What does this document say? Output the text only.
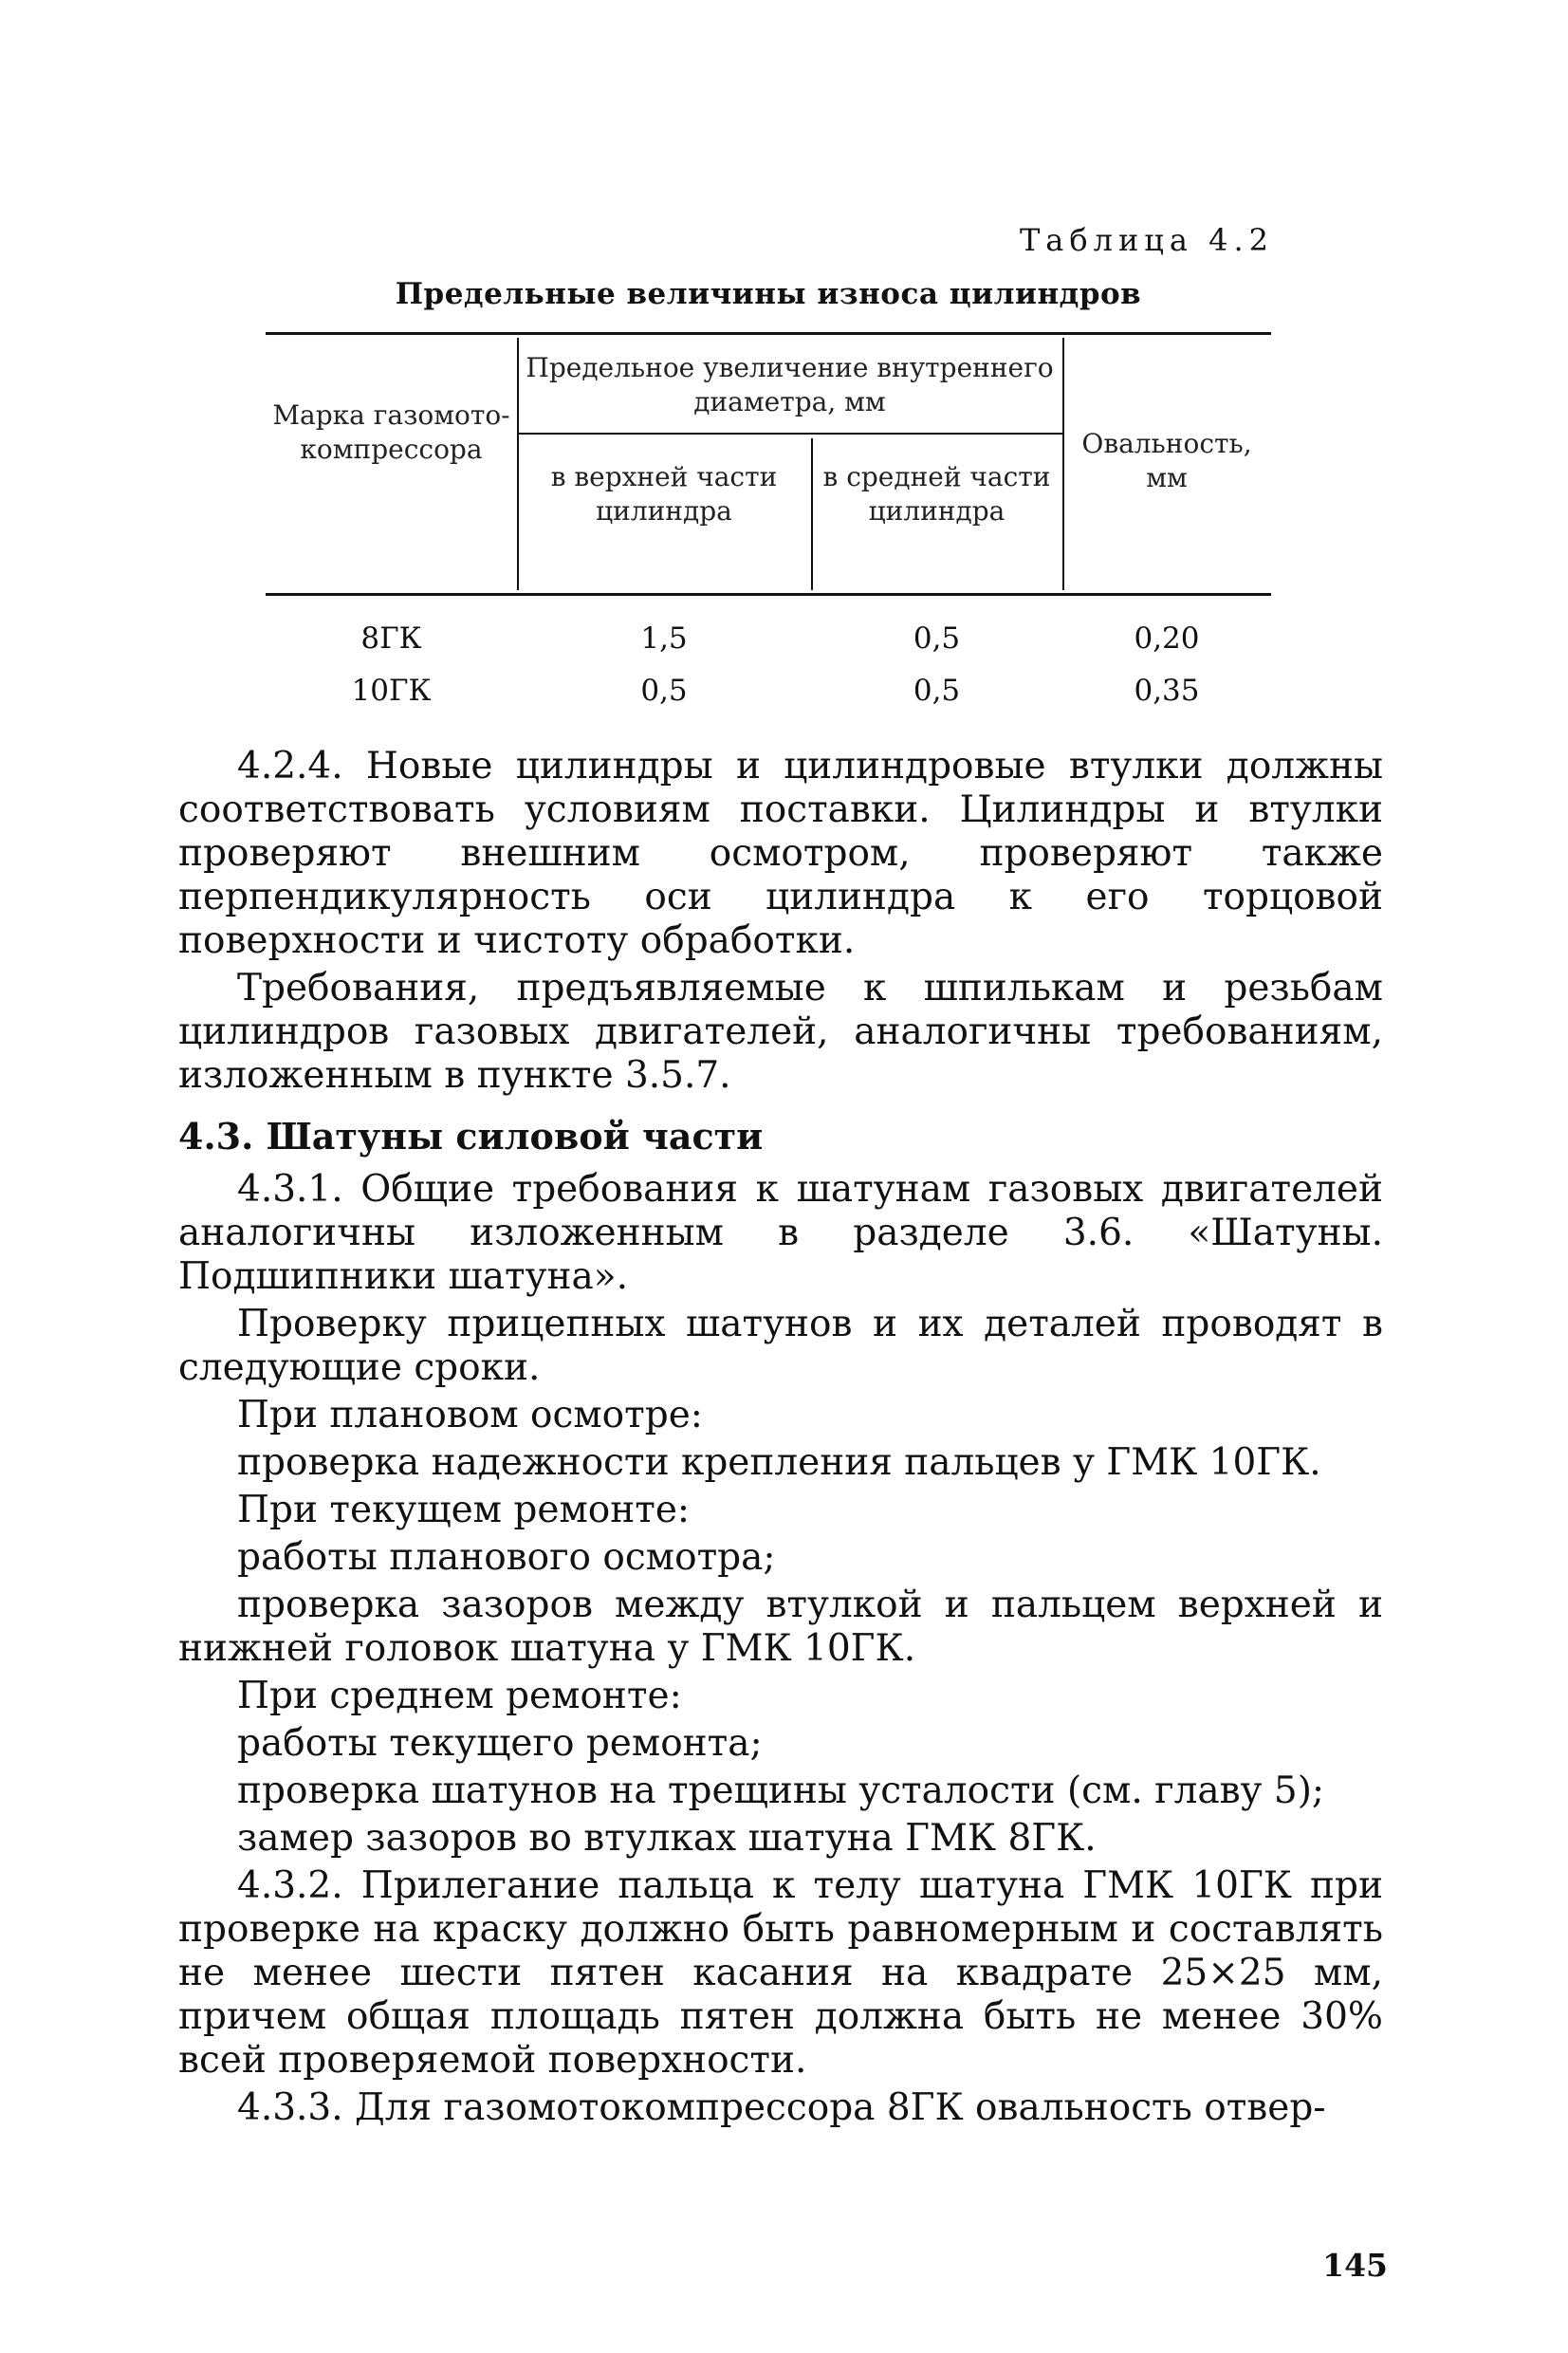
Таблица 4.2
Предельные величины износа цилиндров
Марка газомото-компрессора
Предельное увеличение внутреннего диаметра, мм
в верхней части цилиндра
в средней части цилиндра
Овальность, мм
8ГК	1,5	0,5	0,20
10ГК	0,5	0,5	0,35

4.2.4. Новые цилиндры и цилиндровые втулки должны соответствовать условиям поставки. Цилиндры и втулки проверяют внешним осмотром, проверяют также перпендикулярность оси цилиндра к его торцовой поверхности и чистоту обработки.

Требования, предъявляемые к шпилькам и резьбам цилиндров газовых двигателей, аналогичны требованиям, изложенным в пункте 3.5.7.

4.3. Шатуны силовой части

4.3.1. Общие требования к шатунам газовых двигателей аналогичны изложенным в разделе 3.6. «Шатуны. Подшипники шатуна».

Проверку прицепных шатунов и их деталей проводят в следующие сроки.

При плановом осмотре:

проверка надежности крепления пальцев у ГМК 10ГК.

При текущем ремонте:

работы планового осмотра;

проверка зазоров между втулкой и пальцем верхней и нижней головок шатуна у ГМК 10ГК.

При среднем ремонте:

работы текущего ремонта;

проверка шатунов на трещины усталости (см. главу 5);

замер зазоров во втулках шатуна ГМК 8ГК.

4.3.2. Прилегание пальца к телу шатуна ГМК 10ГК при проверке на краску должно быть равномерным и составлять не менее шести пятен касания на квадрате 25×25 мм, причем общая площадь пятен должна быть не менее 30% всей проверяемой поверхности.

4.3.3. Для газомотокомпрессора 8ГК овальность отвер-

145
